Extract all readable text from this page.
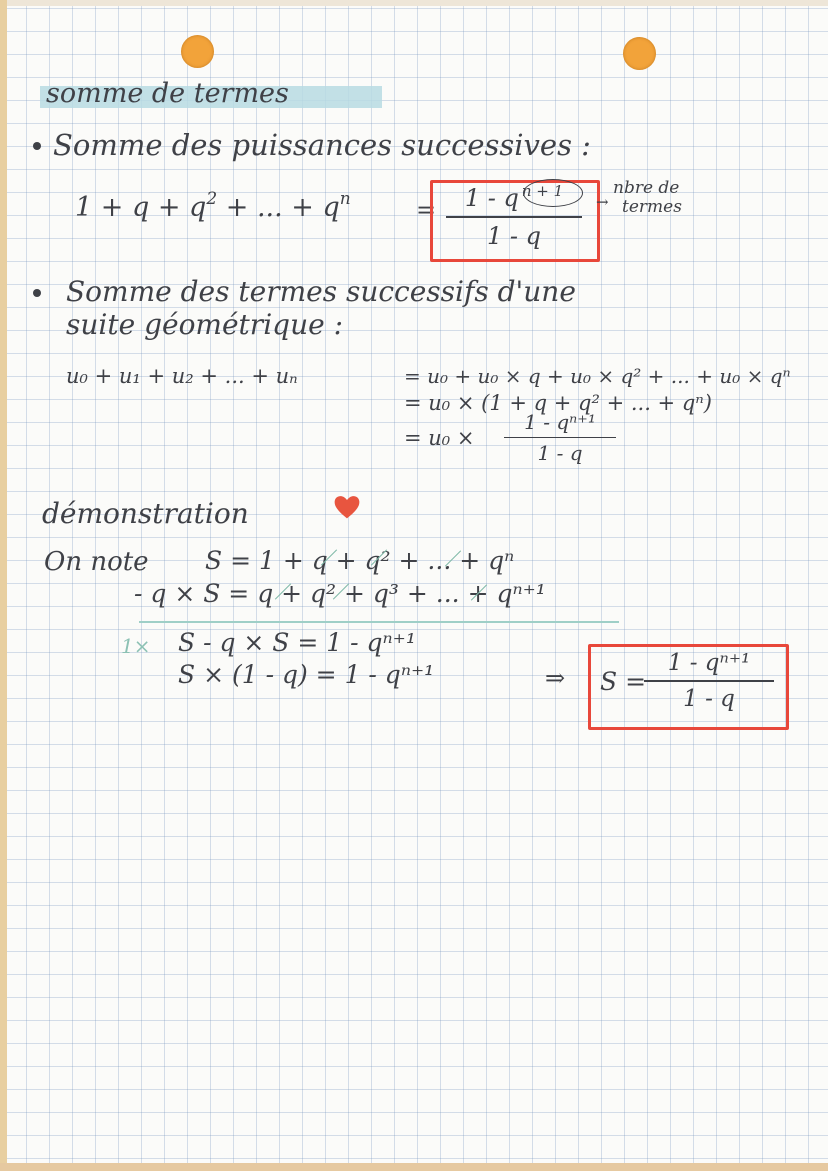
somme de termes
Somme des puissances successives :
$1 + q + q^2$ + ... + $q^n$	=	1 - q $^{n + 1}$
1 - q
nbre de
termes
→
Somme des termes successifs d'une
suite géométrique :
u₀ + u₁ + u₂ + ... + uₙ	= u₀ + u₀ × q + u₀ × q² + ... + u₀ × qⁿ
= u₀ × (1 + q + q² + ... + qⁿ)
= u₀ ×
1 - qⁿ⁺¹
1 - q
démonstration
On note S = 1 + q + q² + ... + qⁿ
- q × S = q + q² + q³ + ... + qⁿ⁺¹
1× S - q × S = 1 - qⁿ⁺¹
S × (1 - q) = 1 - qⁿ⁺¹	⇒ S =
1 - qⁿ⁺¹
1 - q
